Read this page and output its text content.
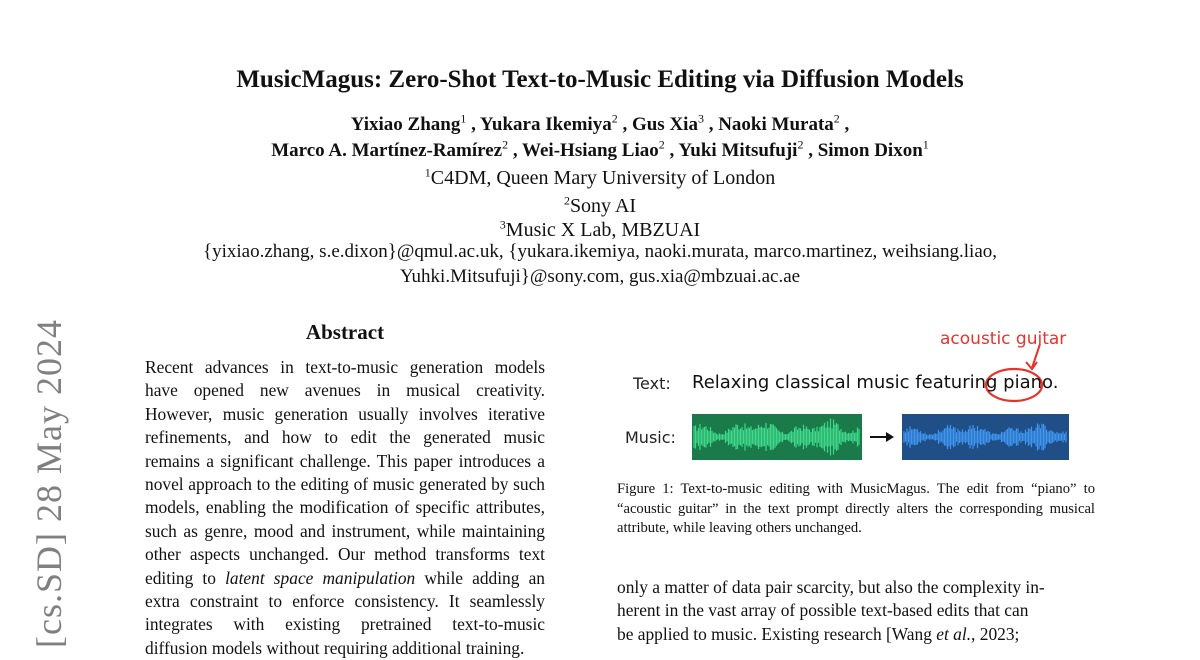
MusicMagus: Zero-Shot Text-to-Music Editing via Diffusion Models
Yixiao Zhang$^1$ , Yukara Ikemiya$^2$ , Gus Xia$^3$ , Naoki Murata$^2$ ,
Marco A. Martínez-Ramírez$^2$ , Wei-Hsiang Liao$^2$ , Yuki Mitsufuji$^2$ , Simon Dixon$^1$
$^1$C4DM, Queen Mary University of London
$^2$Sony AI
$^3$Music X Lab, MBZUAI
{yixiao.zhang, s.e.dixon}@qmul.ac.uk, {yukara.ikemiya, naoki.murata, marco.martinez, weihsiang.liao,
Yuhki.Mitsufuji}@sony.com, gus.xia@mbzuai.ac.ae
[cs.SD] 28 May 2024	Abstract
Recent advances in text-to-music generation models have opened new avenues in musical creativity. However, music generation usually involves iterative refinements, and how to edit the generated music remains a significant challenge. This paper introduces a novel approach to the editing of music generated by such models, enabling the modification of specific attributes, such as genre, mood and instrument, while maintaining other aspects unchanged. Our method transforms text editing to latent space manipulation while adding an extra constraint to enforce consistency. It seamlessly integrates with existing pretrained text-to-music diffusion models without requiring additional training.
acoustic guitar
Text: Relaxing classical music featuring piano.
Music:
Figure 1: Text-to-music editing with MusicMagus. The edit from “piano” to “acoustic guitar” in the text prompt directly alters the corresponding musical attribute, while leaving others unchanged.
only a matter of data pair scarcity, but also the complexity in-
herent in the vast array of possible text-based edits that can
be applied to music. Existing research [Wang et al., 2023;
